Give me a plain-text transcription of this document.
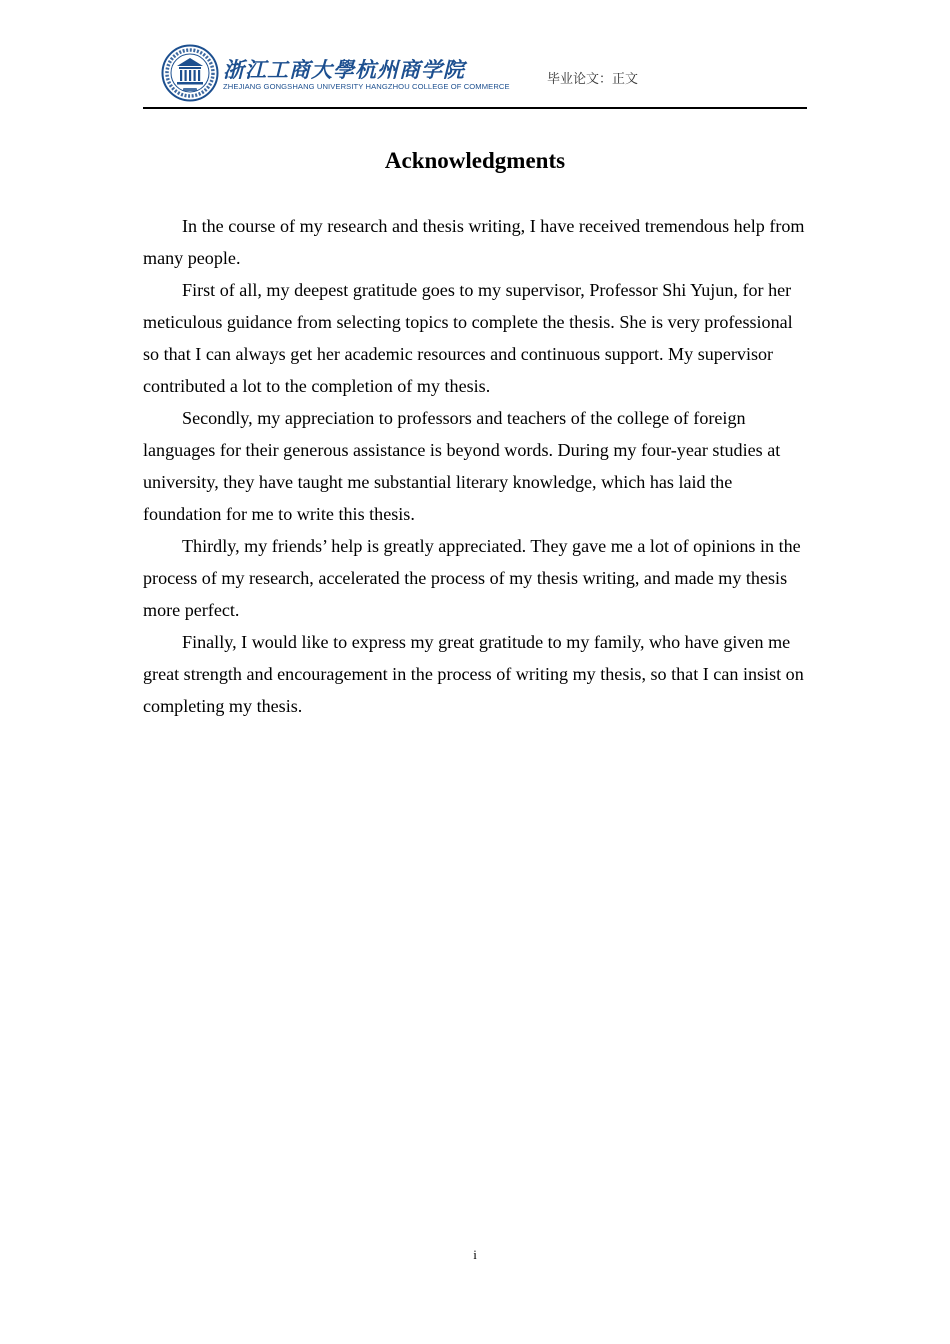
浙江工商大學杭州商学院
ZHEJIANG GONGSHANG UNIVERSITY HANGZHOU COLLEGE OF COMMERCE	毕业论文：正文
Acknowledgments

In the course of my research and thesis writing, I have received tremendous help from many people.

First of all, my deepest gratitude goes to my supervisor, Professor Shi Yujun, for her meticulous guidance from selecting topics to complete the thesis. She is very professional so that I can always get her academic resources and continuous support. My supervisor contributed a lot to the completion of my thesis.

Secondly, my appreciation to professors and teachers of the college of foreign languages for their generous assistance is beyond words. During my four-year studies at university, they have taught me substantial literary knowledge, which has laid the foundation for me to write this thesis.

Thirdly, my friends’ help is greatly appreciated. They gave me a lot of opinions in the process of my research, accelerated the process of my thesis writing, and made my thesis more perfect.

Finally, I would like to express my great gratitude to my family, who have given me great strength and encouragement in the process of writing my thesis, so that I can insist on completing my thesis.

i
